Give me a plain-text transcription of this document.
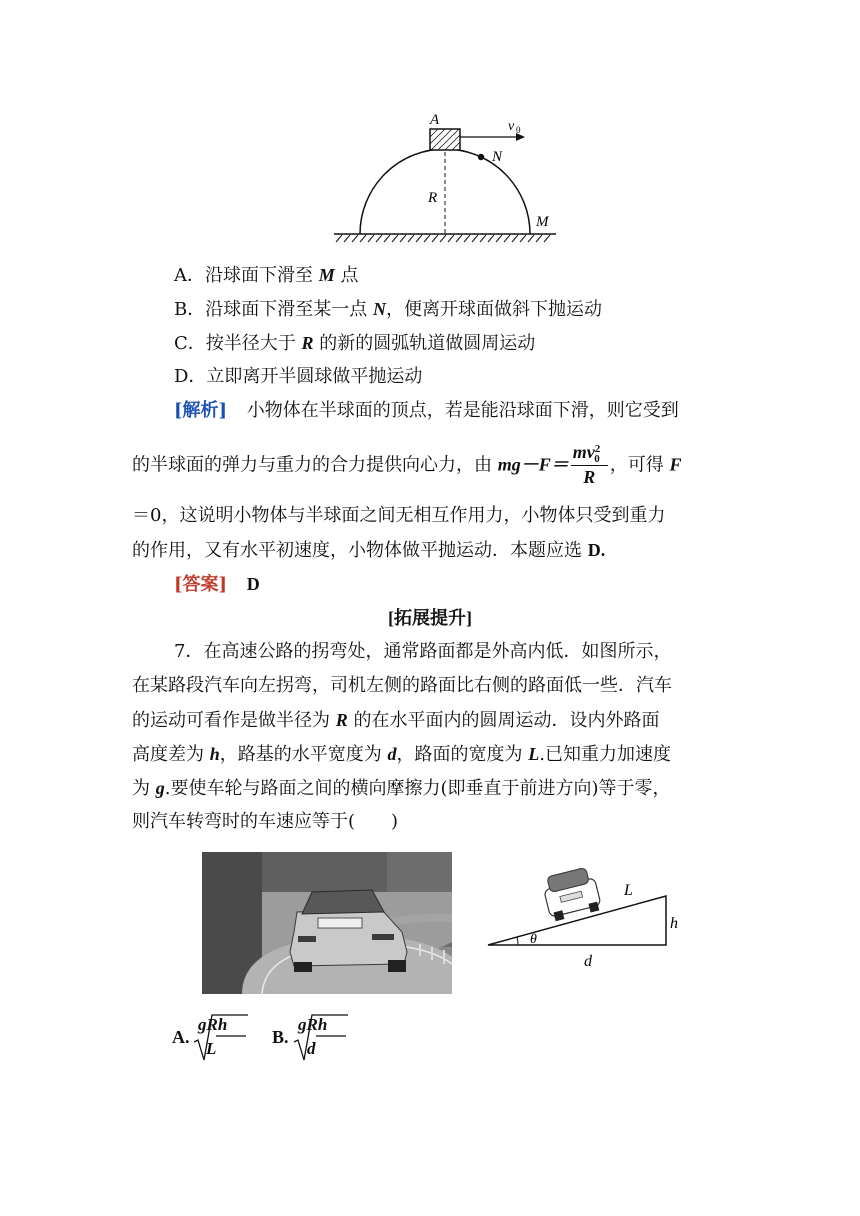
A	v 0
N
R
M
A．沿球面下滑至 M 点
B．沿球面下滑至某一点 N，便离开球面做斜下抛运动
C．按半径大于 R 的新的圆弧轨道做圆周运动
D．立即离开半圆球做平抛运动
[解析] 小物体在半球面的顶点，若是能沿球面下滑，则它受到
的半球面的弹力与重力的合力提供向心力，由 $mg-F= \frac{mv^2_0}{R}$ ，可得 F
＝0，这说明小物体与半球面之间无相互作用力，小物体只受到重力
的作用，又有水平初速度，小物体做平抛运动．本题应选 D.
[答案] D
[拓展提升]
7．在高速公路的拐弯处，通常路面都是外高内低．如图所示，
在某路段汽车向左拐弯，司机左侧的路面比右侧的路面低一些．汽车
的运动可看作是做半径为 R 的在水平面内的圆周运动．设内外路面
高度差为 h，路基的水平宽度为 d，路面的宽度为 L.已知重力加速度
为 g.要使车轮与路面之间的横向摩擦力(即垂直于前进方向)等于零，
则汽车转弯时的车速应等于(　　)
L
h
θ
d
A.
gRh
L
B.
gRh
d
